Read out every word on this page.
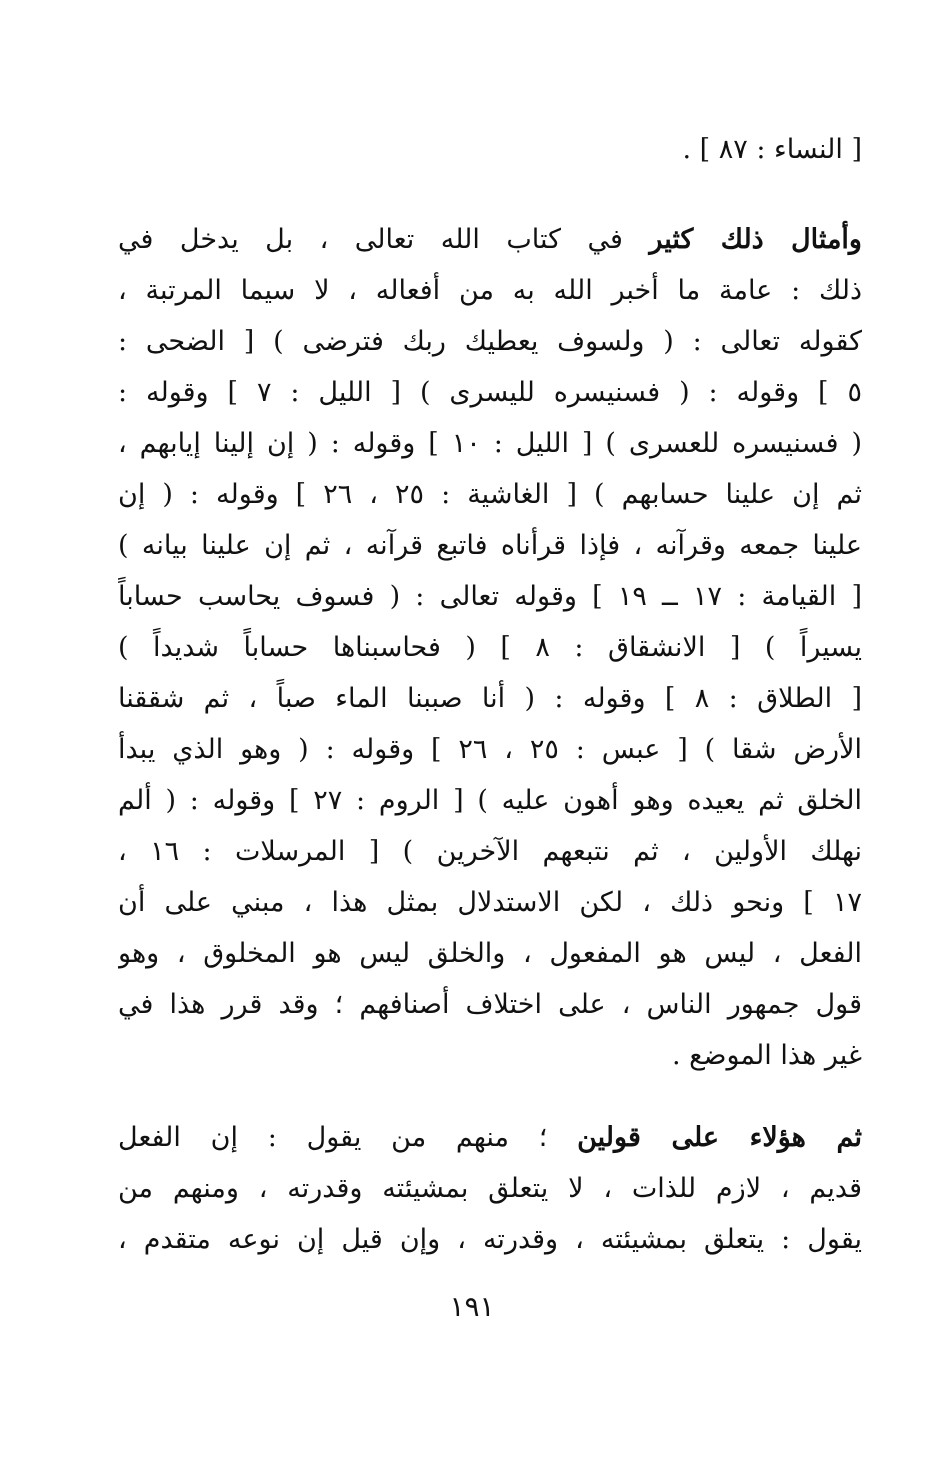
[ النساء : ٨٧ ] .
وأمثال ذلك كثير في كتاب الله تعالى ، بل يدخل في
ذلك : عامة ما أخبر الله به من أفعاله ، لا سيما المرتبة ،
كقوله تعالى : ( ولسوف يعطيك ربك فترضى ) [ الضحى :
٥ ] وقوله : ( فسنيسره لليسرى ) [ الليل : ٧ ] وقوله :
( فسنيسره للعسرى ) [ الليل : ١٠ ] وقوله : ( إن إلينا إيابهم ،
ثم إن علينا حسابهم ) [ الغاشية : ٢٥ ، ٢٦ ] وقوله : ( إن
علينا جمعه وقرآنه ، فإذا قرأناه فاتبع قرآنه ، ثم إن علينا بيانه )
[ القيامة : ١٧ ــ ١٩ ] وقوله تعالى : ( فسوف يحاسب حساباً
يسيراً ) [ الانشقاق : ٨ ] ( فحاسبناها حساباً شديداً )
[ الطلاق : ٨ ] وقوله : ( أنا صببنا الماء صباً ، ثم شققنا
الأرض شقا ) [ عبس : ٢٥ ، ٢٦ ] وقوله : ( وهو الذي يبدأ
الخلق ثم يعيده وهو أهون عليه ) [ الروم : ٢٧ ] وقوله : ( ألم
نهلك الأولين ، ثم نتبعهم الآخرين ) [ المرسلات : ١٦ ،
١٧ ] ونحو ذلك ، لكن الاستدلال بمثل هذا ، مبني على أن
الفعل ، ليس هو المفعول ، والخلق ليس هو المخلوق ، وهو
قول جمهور الناس ، على اختلاف أصنافهم ؛ وقد قرر هذا في
غير هذا الموضع .
ثم هؤلاء على قولين ؛ منهم من يقول : إن الفعل
قديم ، لازم للذات ، لا يتعلق بمشيئته وقدرته ، ومنهم من
يقول : يتعلق بمشيئته ، وقدرته ، وإن قيل إن نوعه متقدم ،
١٩١
